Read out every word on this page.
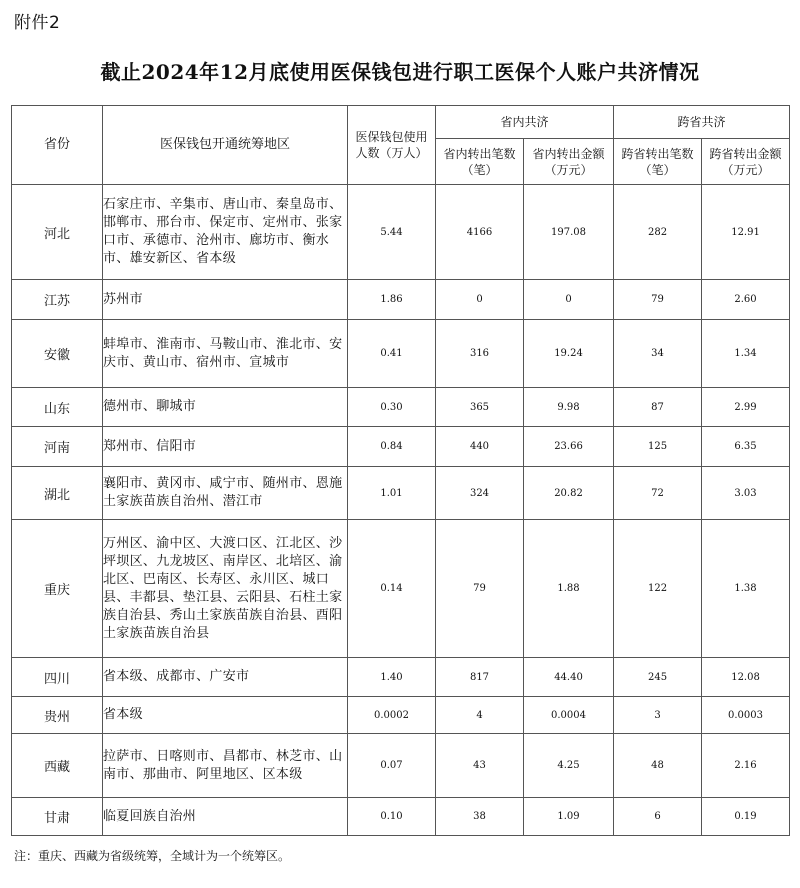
附件2
截止2024年12月底使用医保钱包进行职工医保个人账户共济情况
省份	医保钱包开通统筹地区	医保钱包使用人数（万人）	省内共济		跨省共济	
			省内转出笔数（笔）	省内转出金额（万元）	跨省转出笔数（笔）	跨省转出金额（万元）
河北	石家庄市、辛集市、唐山市、秦皇岛市、邯郸市、邢台市、保定市、定州市、张家口市、承德市、沧州市、廊坊市、衡水市、雄安新区、省本级	5.44	4166	197.08	282	12.91
江苏	苏州市	1.86	0	0	79	2.60
安徽	蚌埠市、淮南市、马鞍山市、淮北市、安庆市、黄山市、宿州市、宣城市	0.41	316	19.24	34	1.34
山东	德州市、聊城市	0.30	365	9.98	87	2.99
河南	郑州市、信阳市	0.84	440	23.66	125	6.35
湖北	襄阳市、黄冈市、咸宁市、随州市、恩施土家族苗族自治州、潜江市	1.01	324	20.82	72	3.03
重庆	万州区、渝中区、大渡口区、江北区、沙坪坝区、九龙坡区、南岸区、北培区、渝北区、巴南区、长寿区、永川区、城口县、丰都县、垫江县、云阳县、石柱土家族自治县、秀山土家族苗族自治县、酉阳土家族苗族自治县	0.14	79	1.88	122	1.38
四川	省本级、成都市、广安市	1.40	817	44.40	245	12.08
贵州	省本级	0.0002	4	0.0004	3	0.0003
西藏	拉萨市、日喀则市、昌都市、林芝市、山南市、那曲市、阿里地区、区本级	0.07	43	4.25	48	2.16
甘肃	临夏回族自治州	0.10	38	1.09	6	0.19
注：重庆、西藏为省级统筹，全域计为一个统筹区。
